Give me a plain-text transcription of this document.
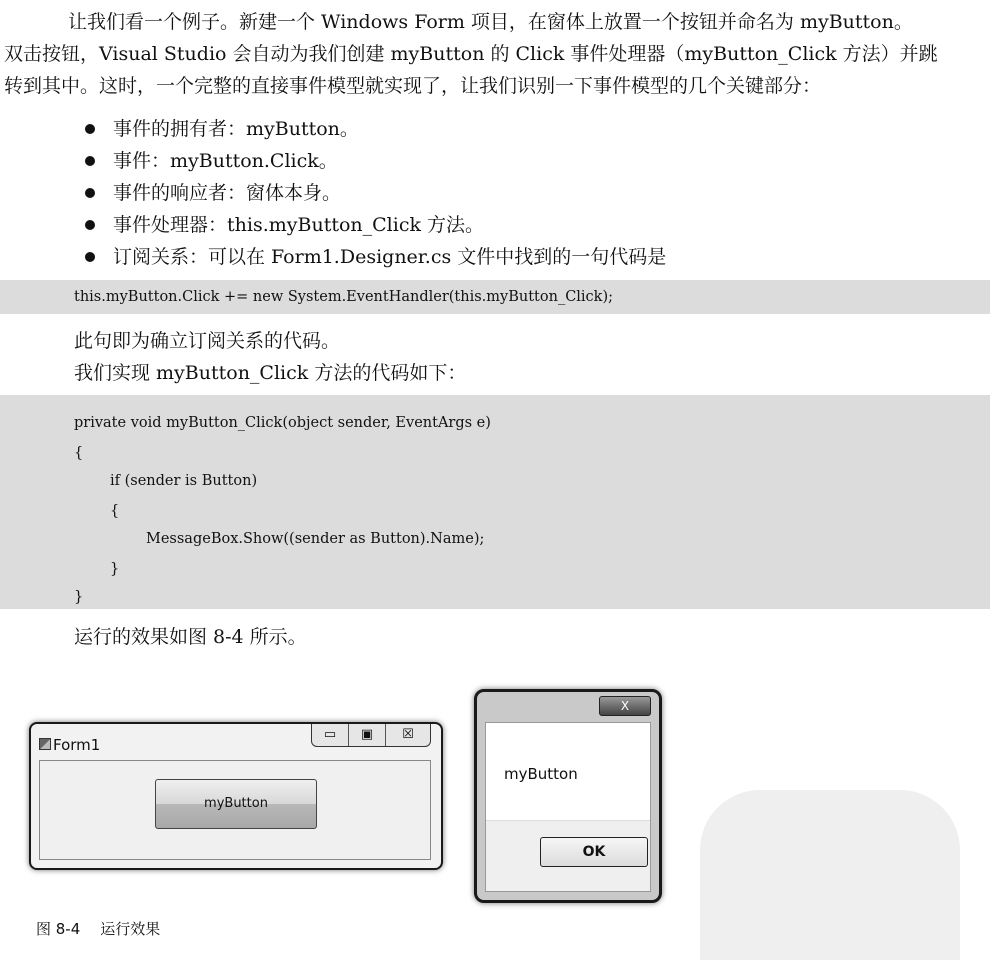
让我们看一个例子。新建一个 Windows Form 项目，在窗体上放置一个按钮并命名为 myButton。

双击按钮，Visual Studio 会自动为我们创建 myButton 的 Click 事件处理器（myButton_Click 方法）并跳

转到其中。这时，一个完整的直接事件模型就实现了，让我们识别一下事件模型的几个关键部分：

事件的拥有者：myButton。
事件：myButton.Click。
事件的响应者：窗体本身。
事件处理器：this.myButton_Click 方法。
订阅关系：可以在 Form1.Designer.cs 文件中找到的一句代码是
this.myButton.Click += new System.EventHandler(this.myButton_Click);

此句即为确立订阅关系的代码。

我们实现 myButton_Click 方法的代码如下：

private void myButton_Click(object sender, EventArgs e)
{
if (sender is Button)
{
MessageBox.Show((sender as Button).Name);
}
}

运行的效果如图 8-4 所示。

Form1
▭	▣	☒
myButton
X
myButton
OK
图 8-4 运行效果
